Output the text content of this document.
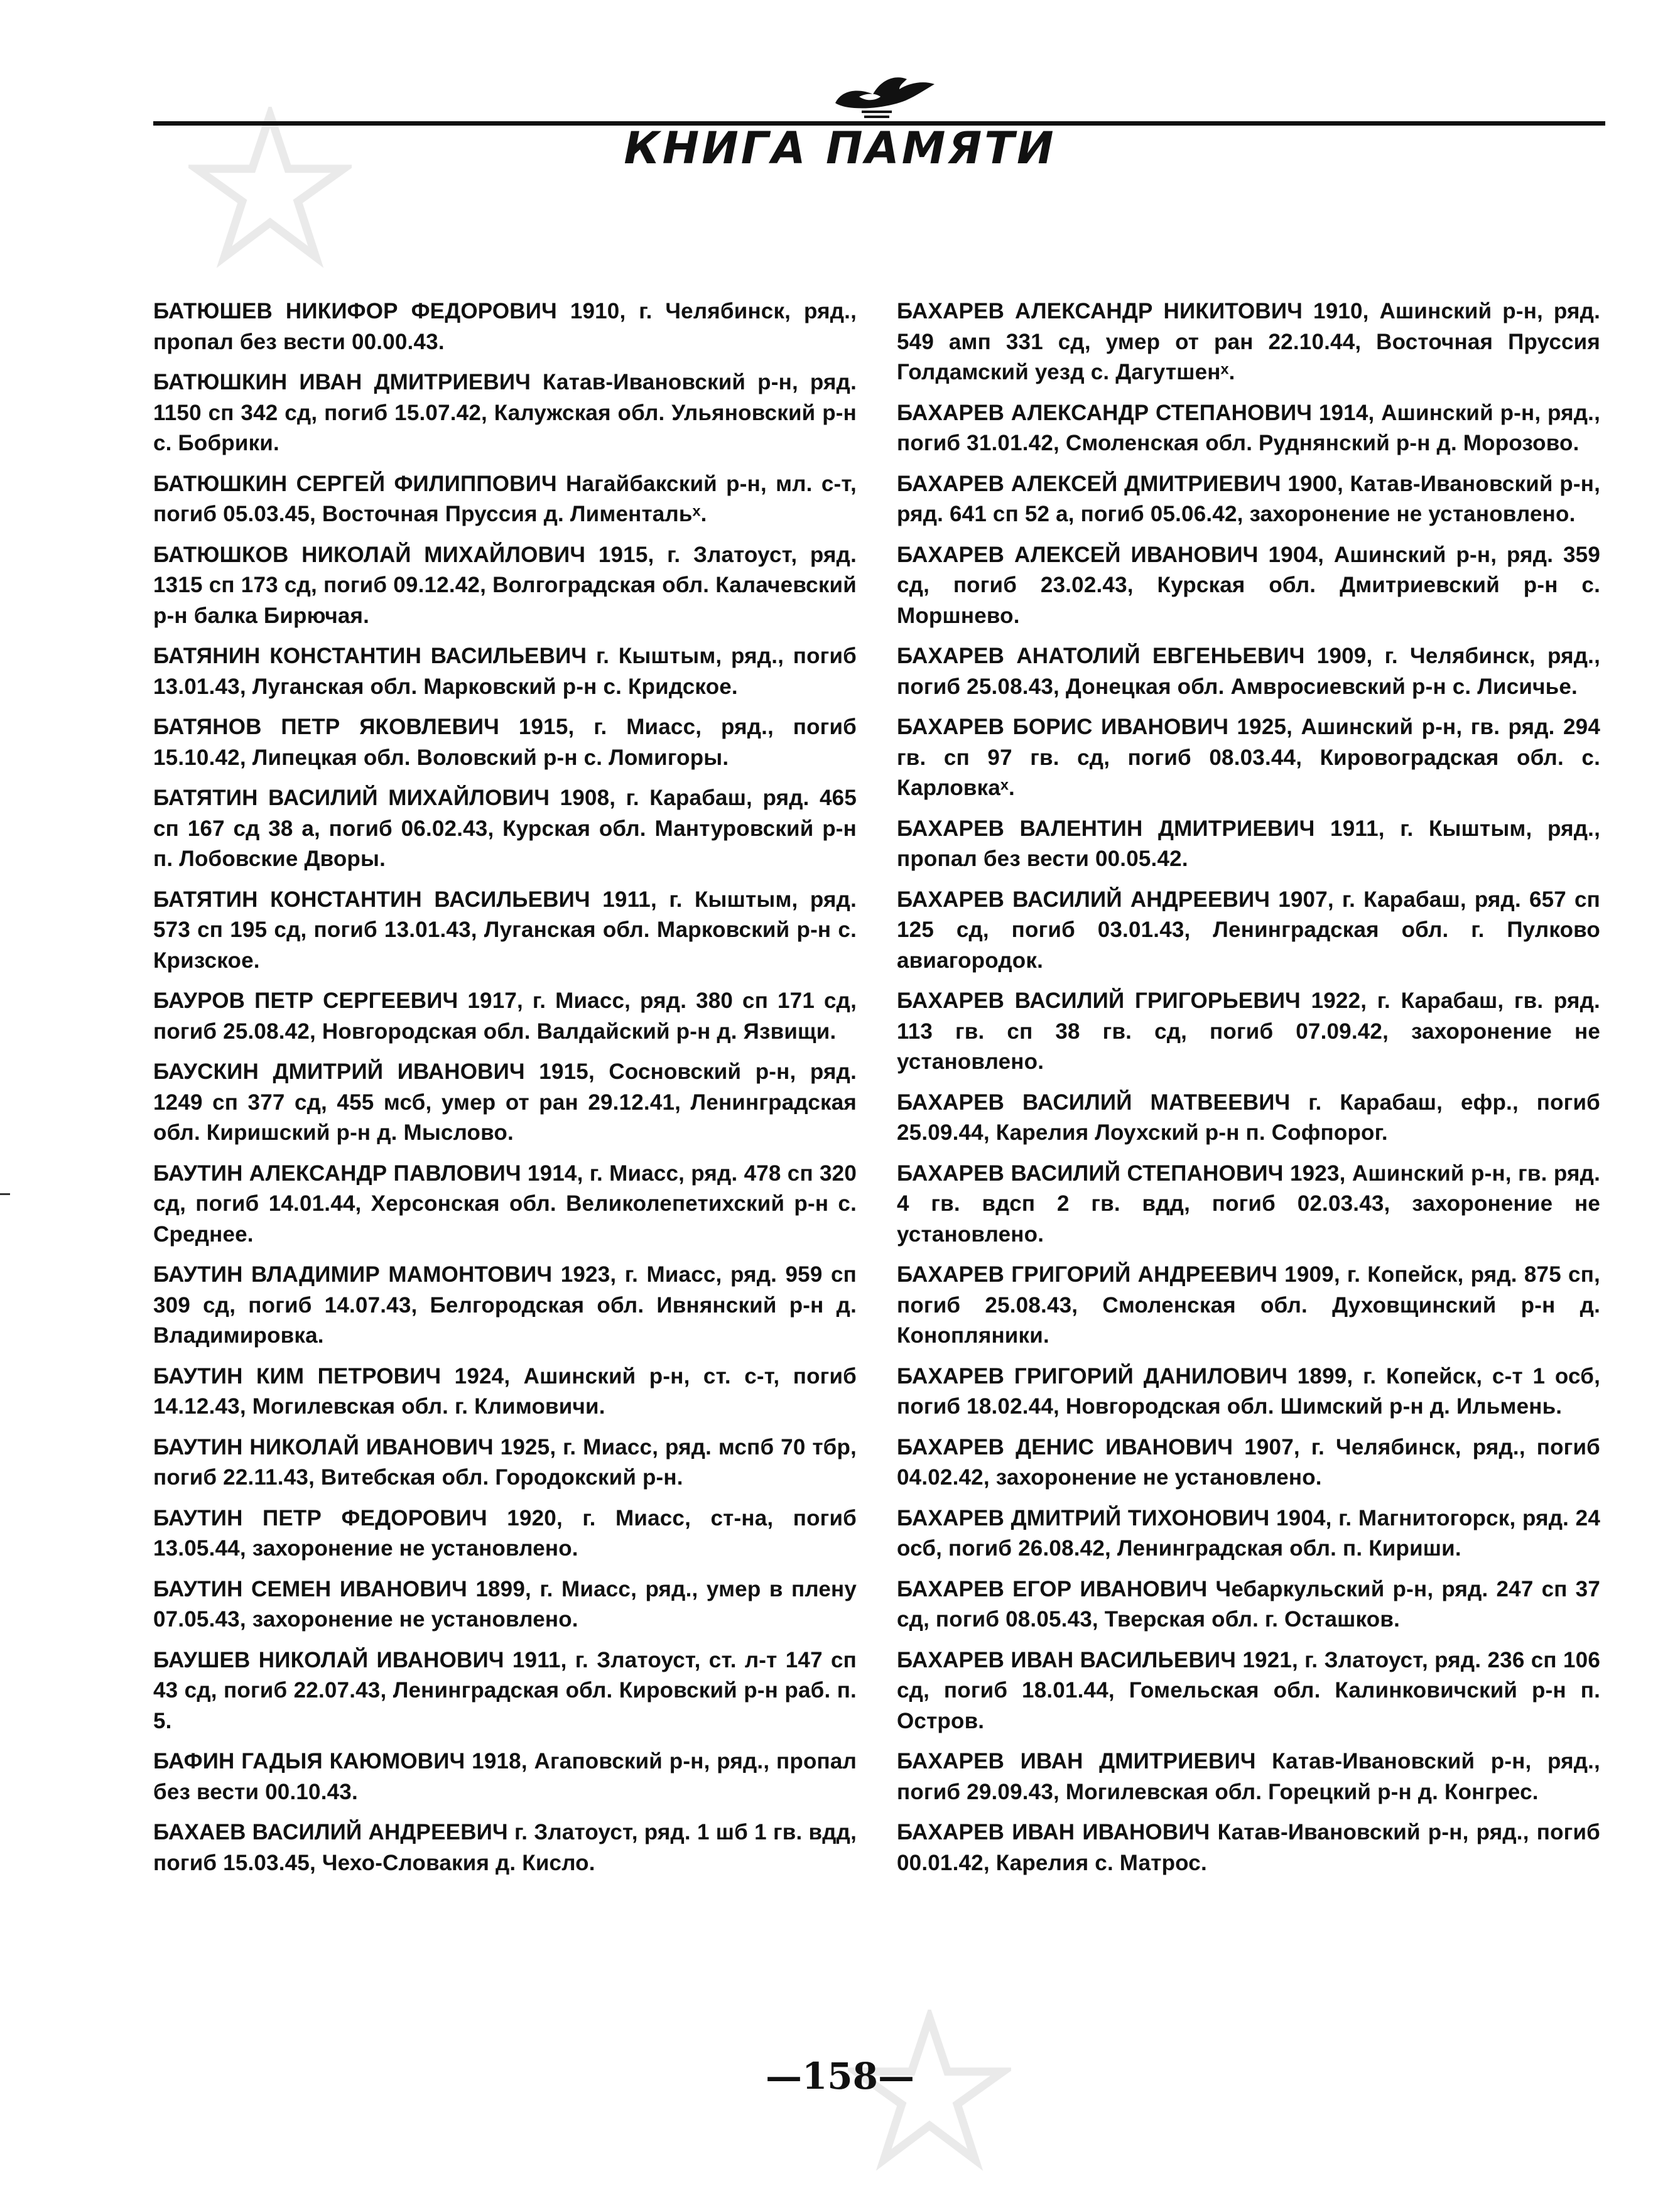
КНИГА ПАМЯТИ

БАТЮШЕВ НИКИФОР ФЕДОРОВИЧ 1910, г. Челябинск, ряд., пропал без вести 00.00.43.

БАТЮШКИН ИВАН ДМИТРИЕВИЧ Катав-Ивановский р-н, ряд. 1150 сп 342 сд, погиб 15.07.42, Калужская обл. Ульяновский р-н с. Бобрики.

БАТЮШКИН СЕРГЕЙ ФИЛИППОВИЧ Нагайбакский р-н, мл. с-т, погиб 05.03.45, Восточная Пруссия д. Лиментальˣ.

БАТЮШКОВ НИКОЛАЙ МИХАЙЛОВИЧ 1915, г. Златоуст, ряд. 1315 сп 173 сд, погиб 09.12.42, Волгоградская обл. Калачевский р-н балка Бирючая.

БАТЯНИН КОНСТАНТИН ВАСИЛЬЕВИЧ г. Кыштым, ряд., погиб 13.01.43, Луганская обл. Марковский р-н с. Кридское.

БАТЯНОВ ПЕТР ЯКОВЛЕВИЧ 1915, г. Миасс, ряд., погиб 15.10.42, Липецкая обл. Воловский р-н с. Ломигоры.

БАТЯТИН ВАСИЛИЙ МИХАЙЛОВИЧ 1908, г. Карабаш, ряд. 465 сп 167 сд 38 а, погиб 06.02.43, Курская обл. Мантуровский р-н п. Лобовские Дворы.

БАТЯТИН КОНСТАНТИН ВАСИЛЬЕВИЧ 1911, г. Кыштым, ряд. 573 сп 195 сд, погиб 13.01.43, Луганская обл. Марковский р-н с. Кризское.

БАУРОВ ПЕТР СЕРГЕЕВИЧ 1917, г. Миасс, ряд. 380 сп 171 сд, погиб 25.08.42, Новгородская обл. Валдайский р-н д. Язвищи.

БАУСКИН ДМИТРИЙ ИВАНОВИЧ 1915, Сосновский р-н, ряд. 1249 сп 377 сд, 455 мсб, умер от ран 29.12.41, Ленинградская обл. Киришский р-н д. Мыслово.

БАУТИН АЛЕКСАНДР ПАВЛОВИЧ 1914, г. Миасс, ряд. 478 сп 320 сд, погиб 14.01.44, Херсонская обл. Великолепетихский р-н с. Среднее.

БАУТИН ВЛАДИМИР МАМОНТОВИЧ 1923, г. Миасс, ряд. 959 сп 309 сд, погиб 14.07.43, Белгородская обл. Ивнянский р-н д. Владимировка.

БАУТИН КИМ ПЕТРОВИЧ 1924, Ашинский р-н, ст. с-т, погиб 14.12.43, Могилевская обл. г. Климовичи.

БАУТИН НИКОЛАЙ ИВАНОВИЧ 1925, г. Миасс, ряд. мспб 70 тбр, погиб 22.11.43, Витебская обл. Городокский р-н.

БАУТИН ПЕТР ФЕДОРОВИЧ 1920, г. Миасс, ст-на, погиб 13.05.44, захоронение не установлено.

БАУТИН СЕМЕН ИВАНОВИЧ 1899, г. Миасс, ряд., умер в плену 07.05.43, захоронение не установлено.

БАУШЕВ НИКОЛАЙ ИВАНОВИЧ 1911, г. Златоуст, ст. л-т 147 сп 43 сд, погиб 22.07.43, Ленинградская обл. Кировский р-н раб. п. 5.

БАФИН ГАДЫЯ КАЮМОВИЧ 1918, Агаповский р-н, ряд., пропал без вести 00.10.43.

БАХАЕВ ВАСИЛИЙ АНДРЕЕВИЧ г. Златоуст, ряд. 1 шб 1 гв. вдд, погиб 15.03.45, Чехо-Словакия д. Кисло.

БАХАРЕВ АЛЕКСАНДР НИКИТОВИЧ 1910, Ашинский р-н, ряд. 549 амп 331 сд, умер от ран 22.10.44, Восточная Пруссия Голдамский уезд с. Дагутшенˣ.

БАХАРЕВ АЛЕКСАНДР СТЕПАНОВИЧ 1914, Ашинский р-н, ряд., погиб 31.01.42, Смоленская обл. Руднянский р-н д. Морозово.

БАХАРЕВ АЛЕКСЕЙ ДМИТРИЕВИЧ 1900, Катав-Ивановский р-н, ряд. 641 сп 52 а, погиб 05.06.42, захоронение не установлено.

БАХАРЕВ АЛЕКСЕЙ ИВАНОВИЧ 1904, Ашинский р-н, ряд. 359 сд, погиб 23.02.43, Курская обл. Дмитриевский р-н с. Моршнево.

БАХАРЕВ АНАТОЛИЙ ЕВГЕНЬЕВИЧ 1909, г. Челябинск, ряд., погиб 25.08.43, Донецкая обл. Амвросиевский р-н с. Лисичье.

БАХАРЕВ БОРИС ИВАНОВИЧ 1925, Ашинский р-н, гв. ряд. 294 гв. сп 97 гв. сд, погиб 08.03.44, Кировоградская обл. с. Карловкаˣ.

БАХАРЕВ ВАЛЕНТИН ДМИТРИЕВИЧ 1911, г. Кыштым, ряд., пропал без вести 00.05.42.

БАХАРЕВ ВАСИЛИЙ АНДРЕЕВИЧ 1907, г. Карабаш, ряд. 657 сп 125 сд, погиб 03.01.43, Ленинградская обл. г. Пулково авиагородок.

БАХАРЕВ ВАСИЛИЙ ГРИГОРЬЕВИЧ 1922, г. Карабаш, гв. ряд. 113 гв. сп 38 гв. сд, погиб 07.09.42, захоронение не установлено.

БАХАРЕВ ВАСИЛИЙ МАТВЕЕВИЧ г. Карабаш, ефр., погиб 25.09.44, Карелия Лоухский р-н п. Софпорог.

БАХАРЕВ ВАСИЛИЙ СТЕПАНОВИЧ 1923, Ашинский р-н, гв. ряд. 4 гв. вдсп 2 гв. вдд, погиб 02.03.43, захоронение не установлено.

БАХАРЕВ ГРИГОРИЙ АНДРЕЕВИЧ 1909, г. Копейск, ряд. 875 сп, погиб 25.08.43, Смоленская обл. Духовщинский р-н д. Конопляники.

БАХАРЕВ ГРИГОРИЙ ДАНИЛОВИЧ 1899, г. Копейск, с-т 1 осб, погиб 18.02.44, Новгородская обл. Шимский р-н д. Ильмень.

БАХАРЕВ ДЕНИС ИВАНОВИЧ 1907, г. Челябинск, ряд., погиб 04.02.42, захоронение не установлено.

БАХАРЕВ ДМИТРИЙ ТИХОНОВИЧ 1904, г. Магнитогорск, ряд. 24 осб, погиб 26.08.42, Ленинградская обл. п. Кириши.

БАХАРЕВ ЕГОР ИВАНОВИЧ Чебаркульский р-н, ряд. 247 сп 37 сд, погиб 08.05.43, Тверская обл. г. Осташков.

БАХАРЕВ ИВАН ВАСИЛЬЕВИЧ 1921, г. Златоуст, ряд. 236 сп 106 сд, погиб 18.01.44, Гомельская обл. Калинковичский р-н п. Остров.

БАХАРЕВ ИВАН ДМИТРИЕВИЧ Катав-Ивановский р-н, ряд., погиб 29.09.43, Могилевская обл. Горецкий р-н д. Конгрес.

БАХАРЕВ ИВАН ИВАНОВИЧ Катав-Ивановский р-н, ряд., погиб 00.01.42, Карелия с. Матрос.

—158—
